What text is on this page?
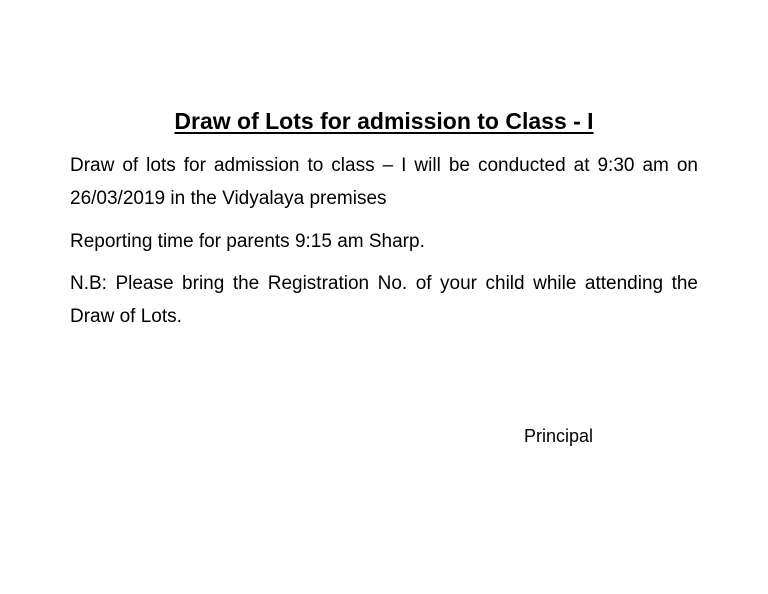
Draw of Lots for admission to Class - I
Draw of lots for admission to class – I will be conducted at 9:30 am on 26/03/2019 in the Vidyalaya premises
Reporting time for parents 9:15 am Sharp.
N.B: Please bring the Registration No. of your child while attending the Draw of Lots.
Principal
